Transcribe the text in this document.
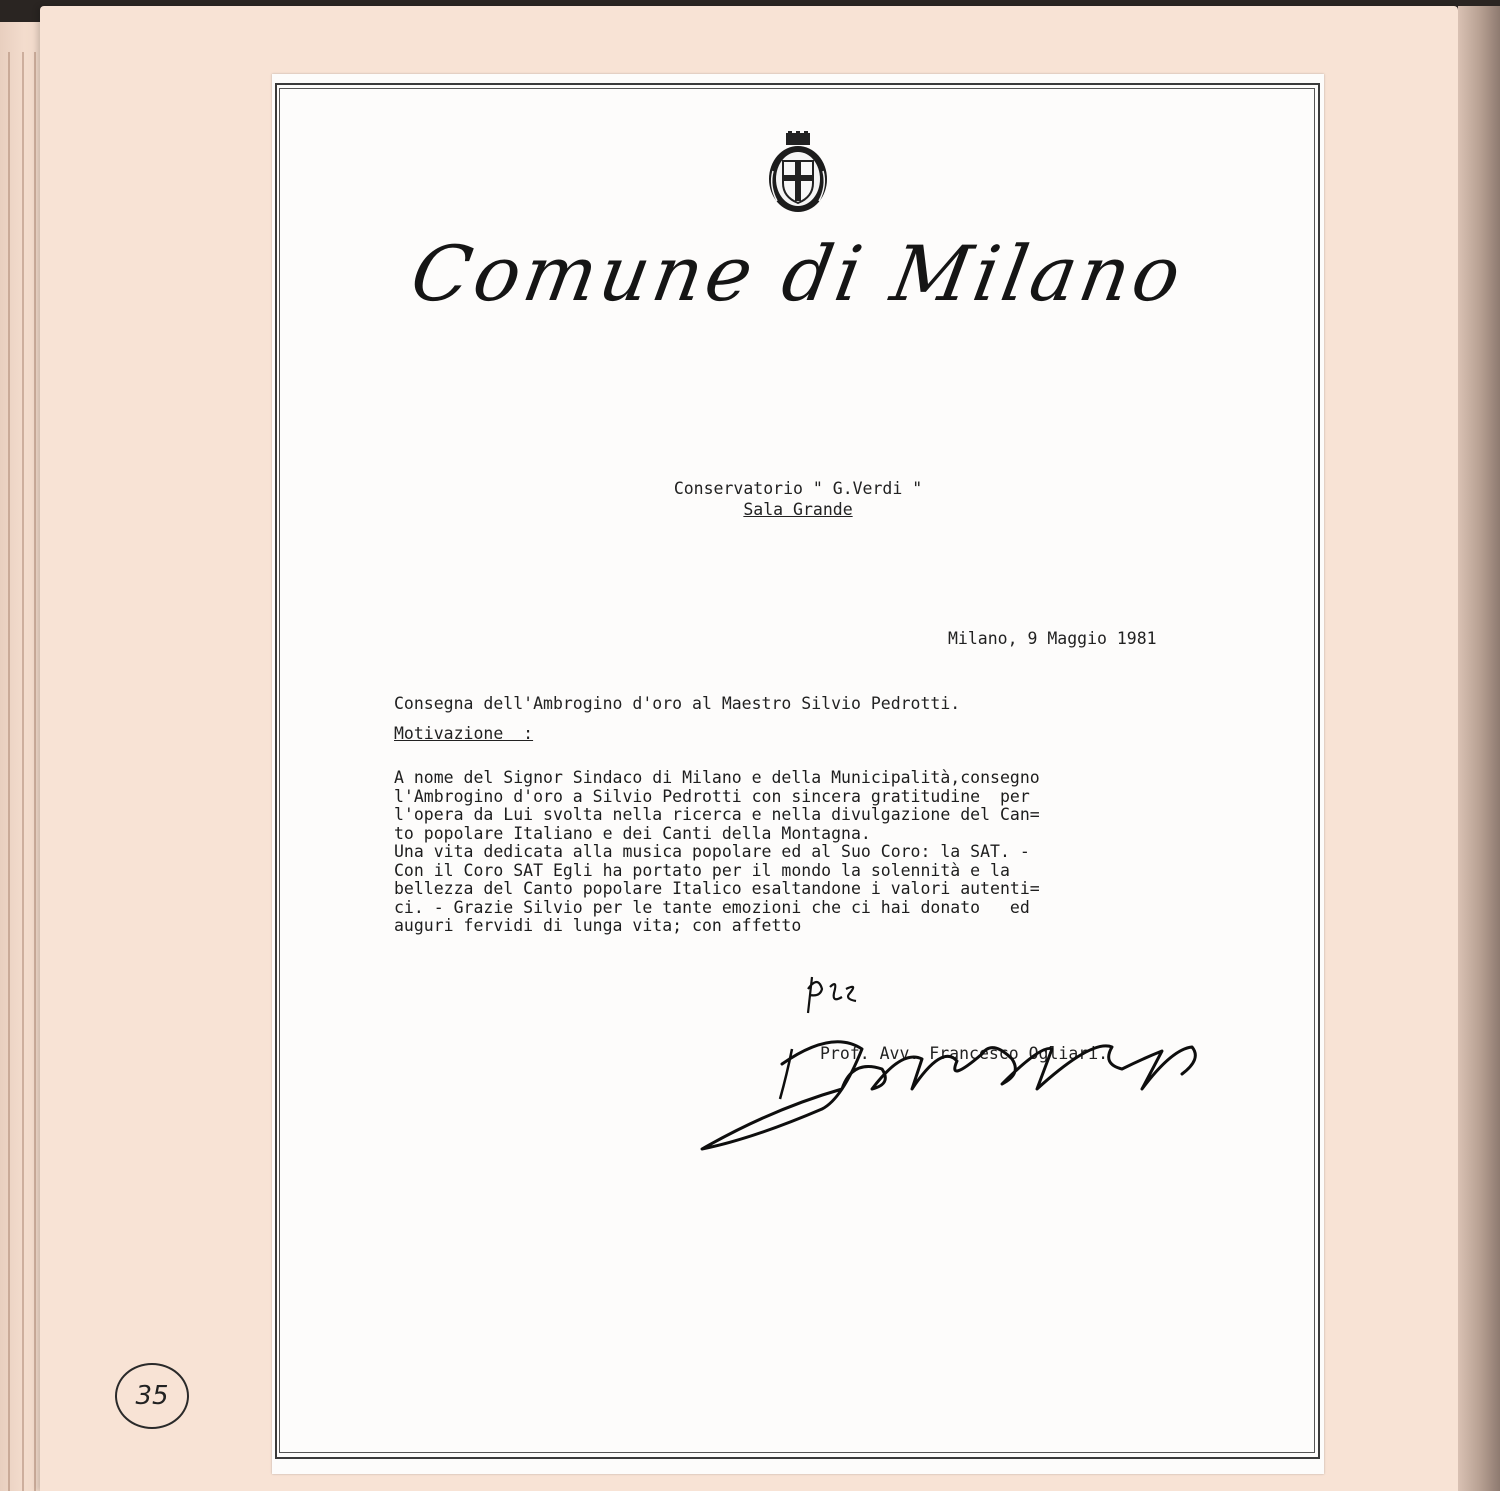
Comune di Milano
Conservatorio " G.Verdi "
Sala Grande
Milano, 9 Maggio 1981
Consegna dell'Ambrogino d'oro al Maestro Silvio Pedrotti.
Motivazione  :
A nome del Signor Sindaco di Milano e della Municipalità,consegno
l'Ambrogino d'oro a Silvio Pedrotti con sincera gratitudine  per
l'opera da Lui svolta nella ricerca e nella divulgazione del Can=
to popolare Italiano e dei Canti della Montagna.
Una vita dedicata alla musica popolare ed al Suo Coro: la SAT. -
Con il Coro SAT Egli ha portato per il mondo la solennità e la
bellezza del Canto popolare Italico esaltandone i valori autenti=
ci. - Grazie Silvio per le tante emozioni che ci hai donato   ed
auguri fervidi di lunga vita; con affetto
Prof. Avv. Francesco Ogliari.
35
